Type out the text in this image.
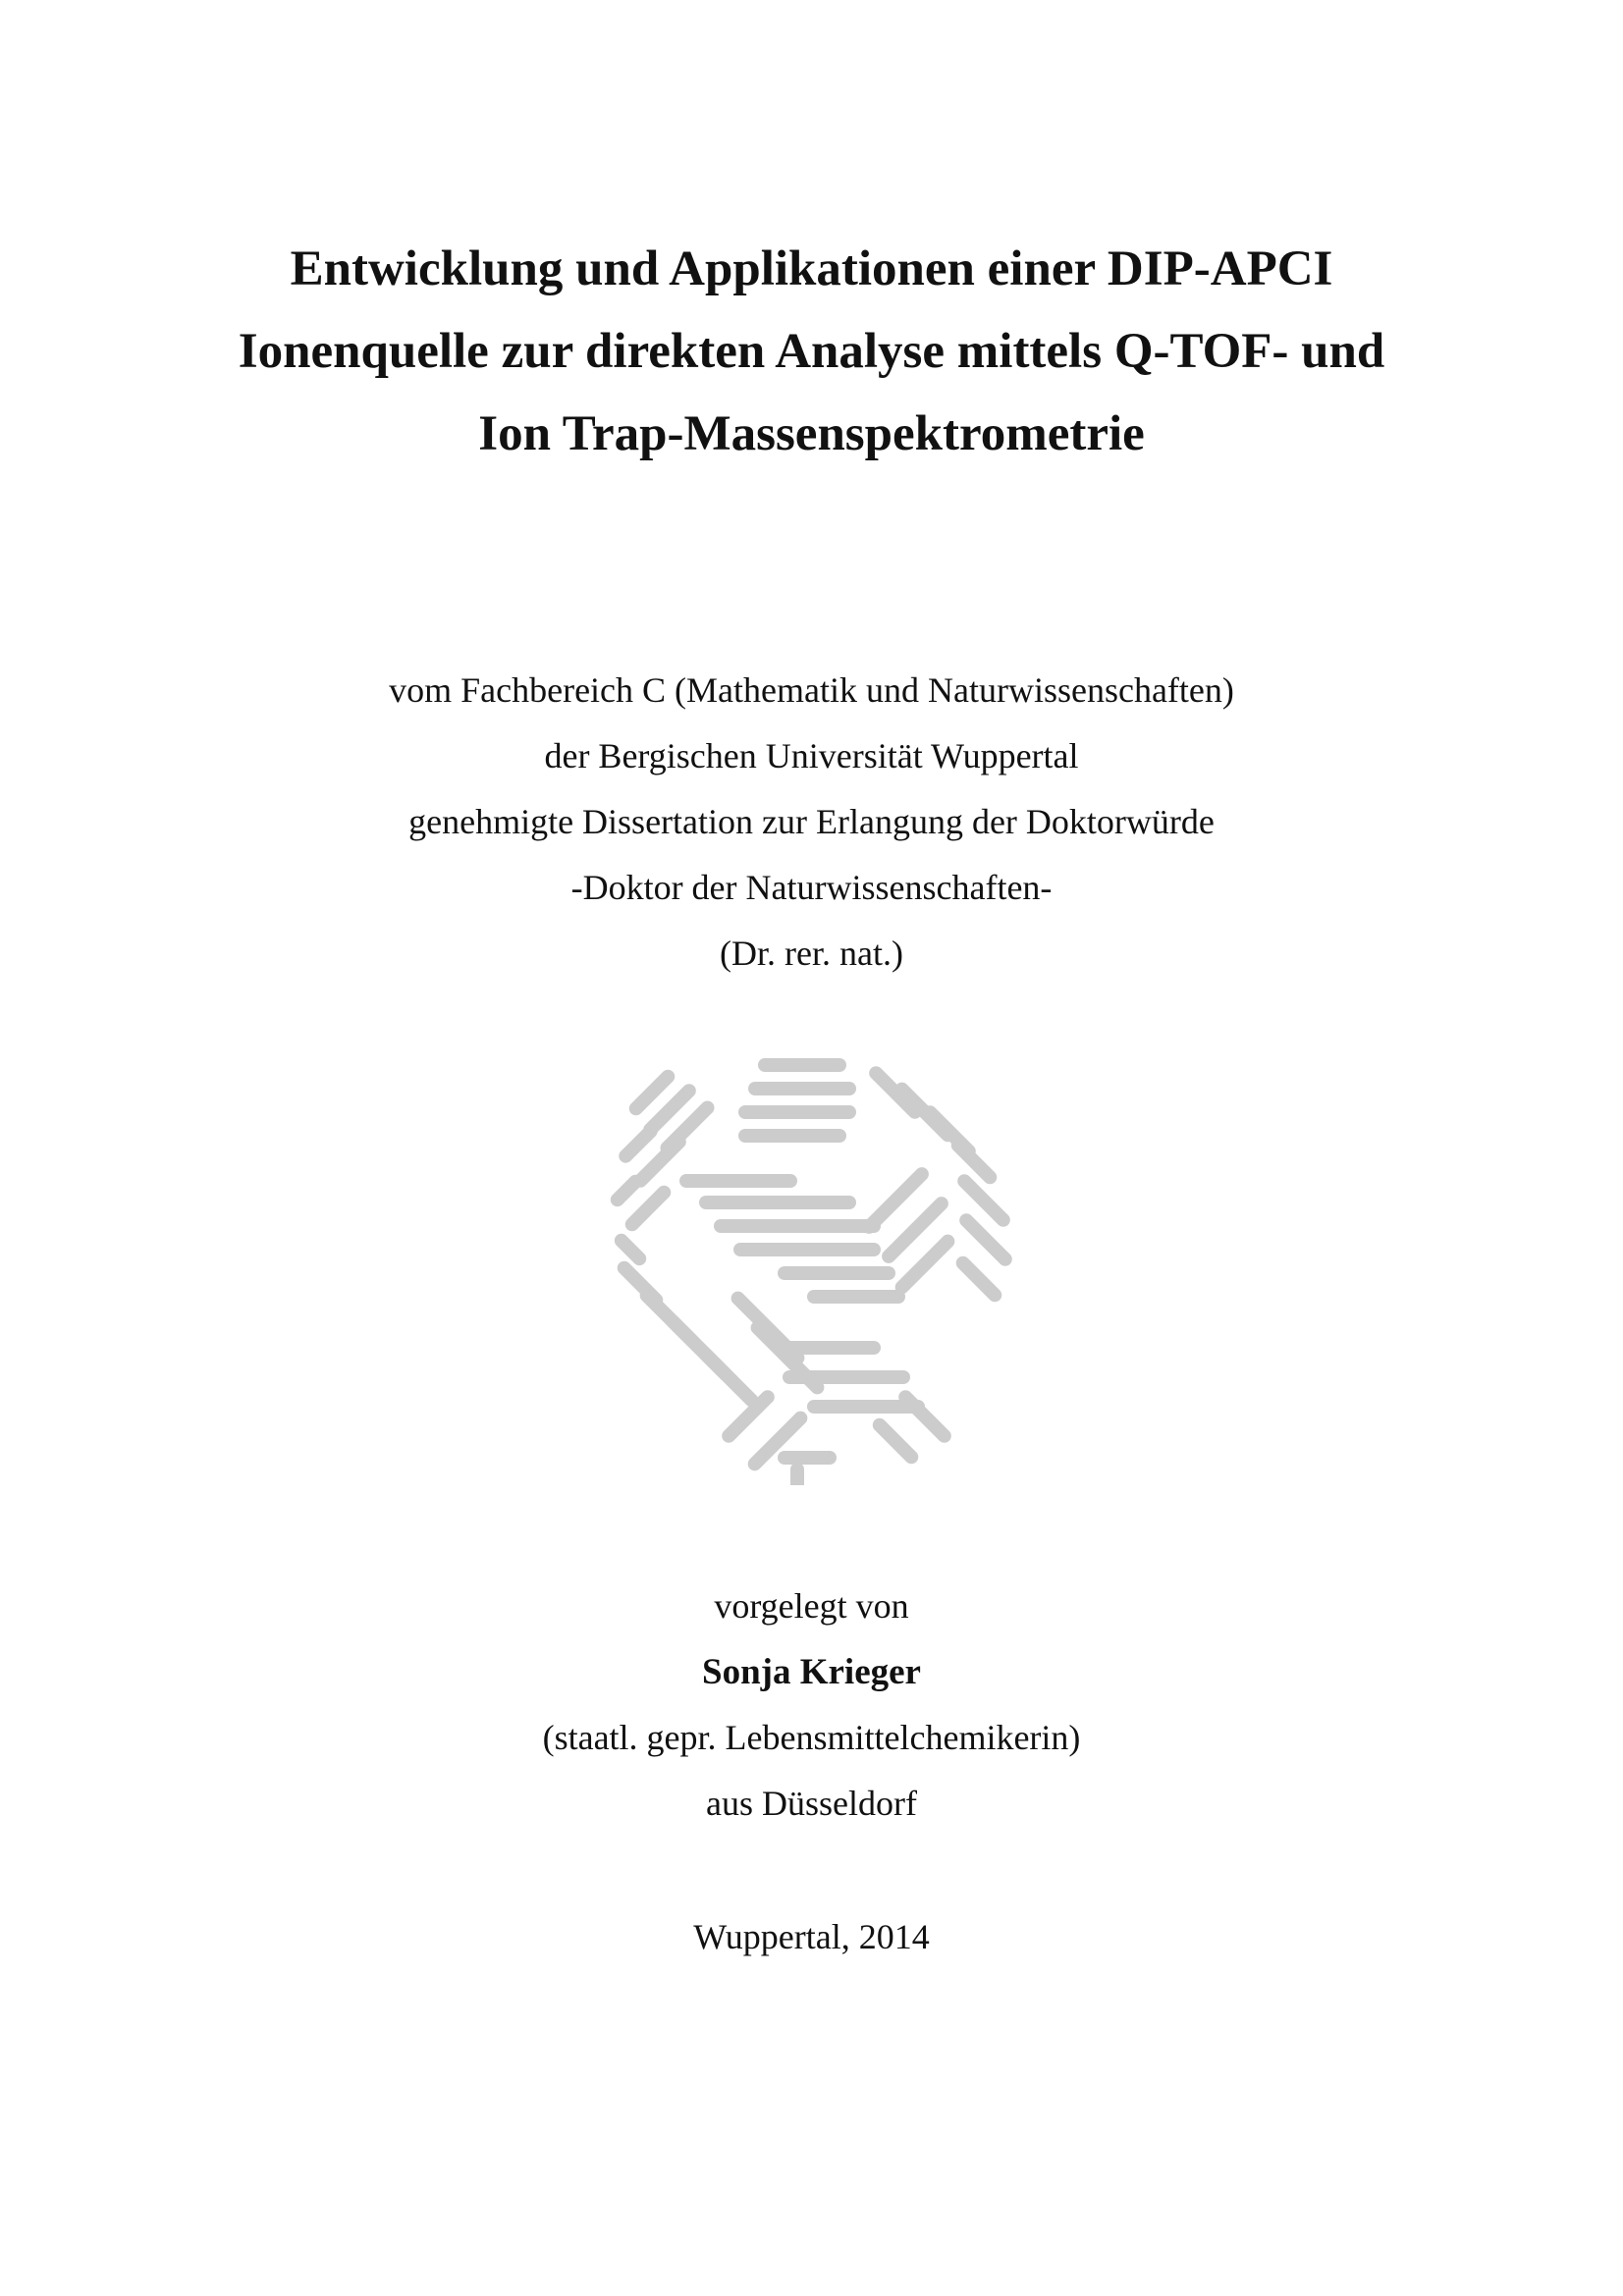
Entwicklung und Applikationen einer DIP-APCI
Ionenquelle zur direkten Analyse mittels Q-TOF- und
Ion Trap-Massenspektrometrie
vom Fachbereich C (Mathematik und Naturwissenschaften)
der Bergischen Universität Wuppertal
genehmigte Dissertation zur Erlangung der Doktorwürde
-Doktor der Naturwissenschaften-
(Dr. rer. nat.)
vorgelegt von
Sonja Krieger
(staatl. gepr. Lebensmittelchemikerin)
aus Düsseldorf
Wuppertal, 2014
